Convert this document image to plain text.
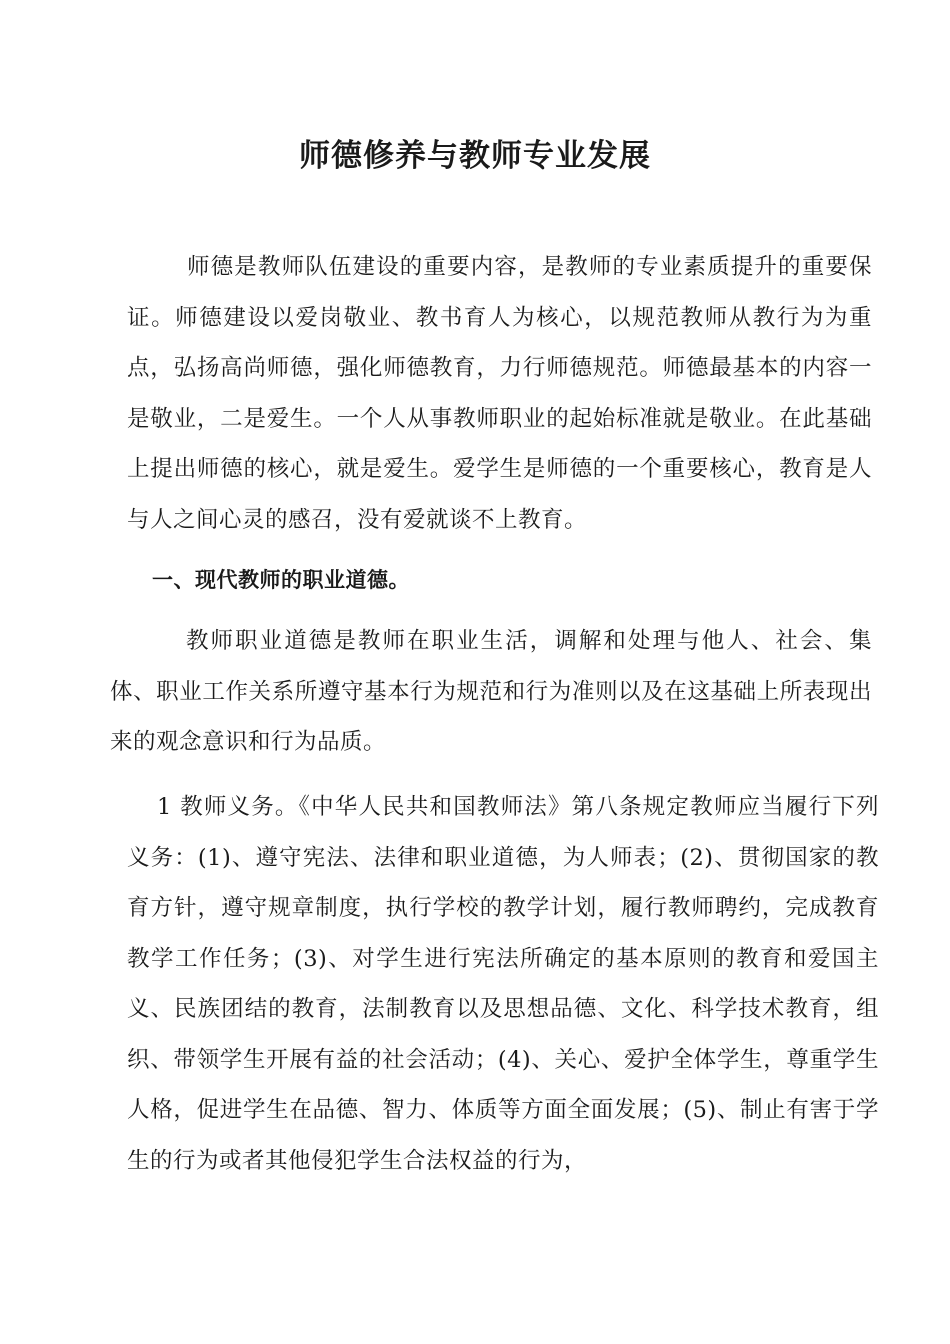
师德修养与教师专业发展

师德是教师队伍建设的重要内容，是教师的专业素质提升的重要保证。师德建设以爱岗敬业、教书育人为核心，以规范教师从教行为为重点，弘扬高尚师德，强化师德教育，力行师德规范。师德最基本的内容一是敬业，二是爱生。一个人从事教师职业的起始标准就是敬业。在此基础上提出师德的核心，就是爱生。爱学生是师德的一个重要核心，教育是人与人之间心灵的感召，没有爱就谈不上教育。

一、现代教师的职业道德。

教师职业道德是教师在职业生活，调解和处理与他人、社会、集体、职业工作关系所遵守基本行为规范和行为准则以及在这基础上所表现出来的观念意识和行为品质。

1 教师义务。《中华人民共和国教师法》第八条规定教师应当履行下列义务：(1)、遵守宪法、法律和职业道德，为人师表；(2)、贯彻国家的教育方针，遵守规章制度，执行学校的教学计划，履行教师聘约，完成教育教学工作任务；(3)、对学生进行宪法所确定的基本原则的教育和爱国主义、民族团结的教育，法制教育以及思想品德、文化、科学技术教育，组织、带领学生开展有益的社会活动；(4)、关心、爱护全体学生，尊重学生人格，促进学生在品德、智力、体质等方面全面发展；(5)、制止有害于学生的行为或者其他侵犯学生合法权益的行为，
